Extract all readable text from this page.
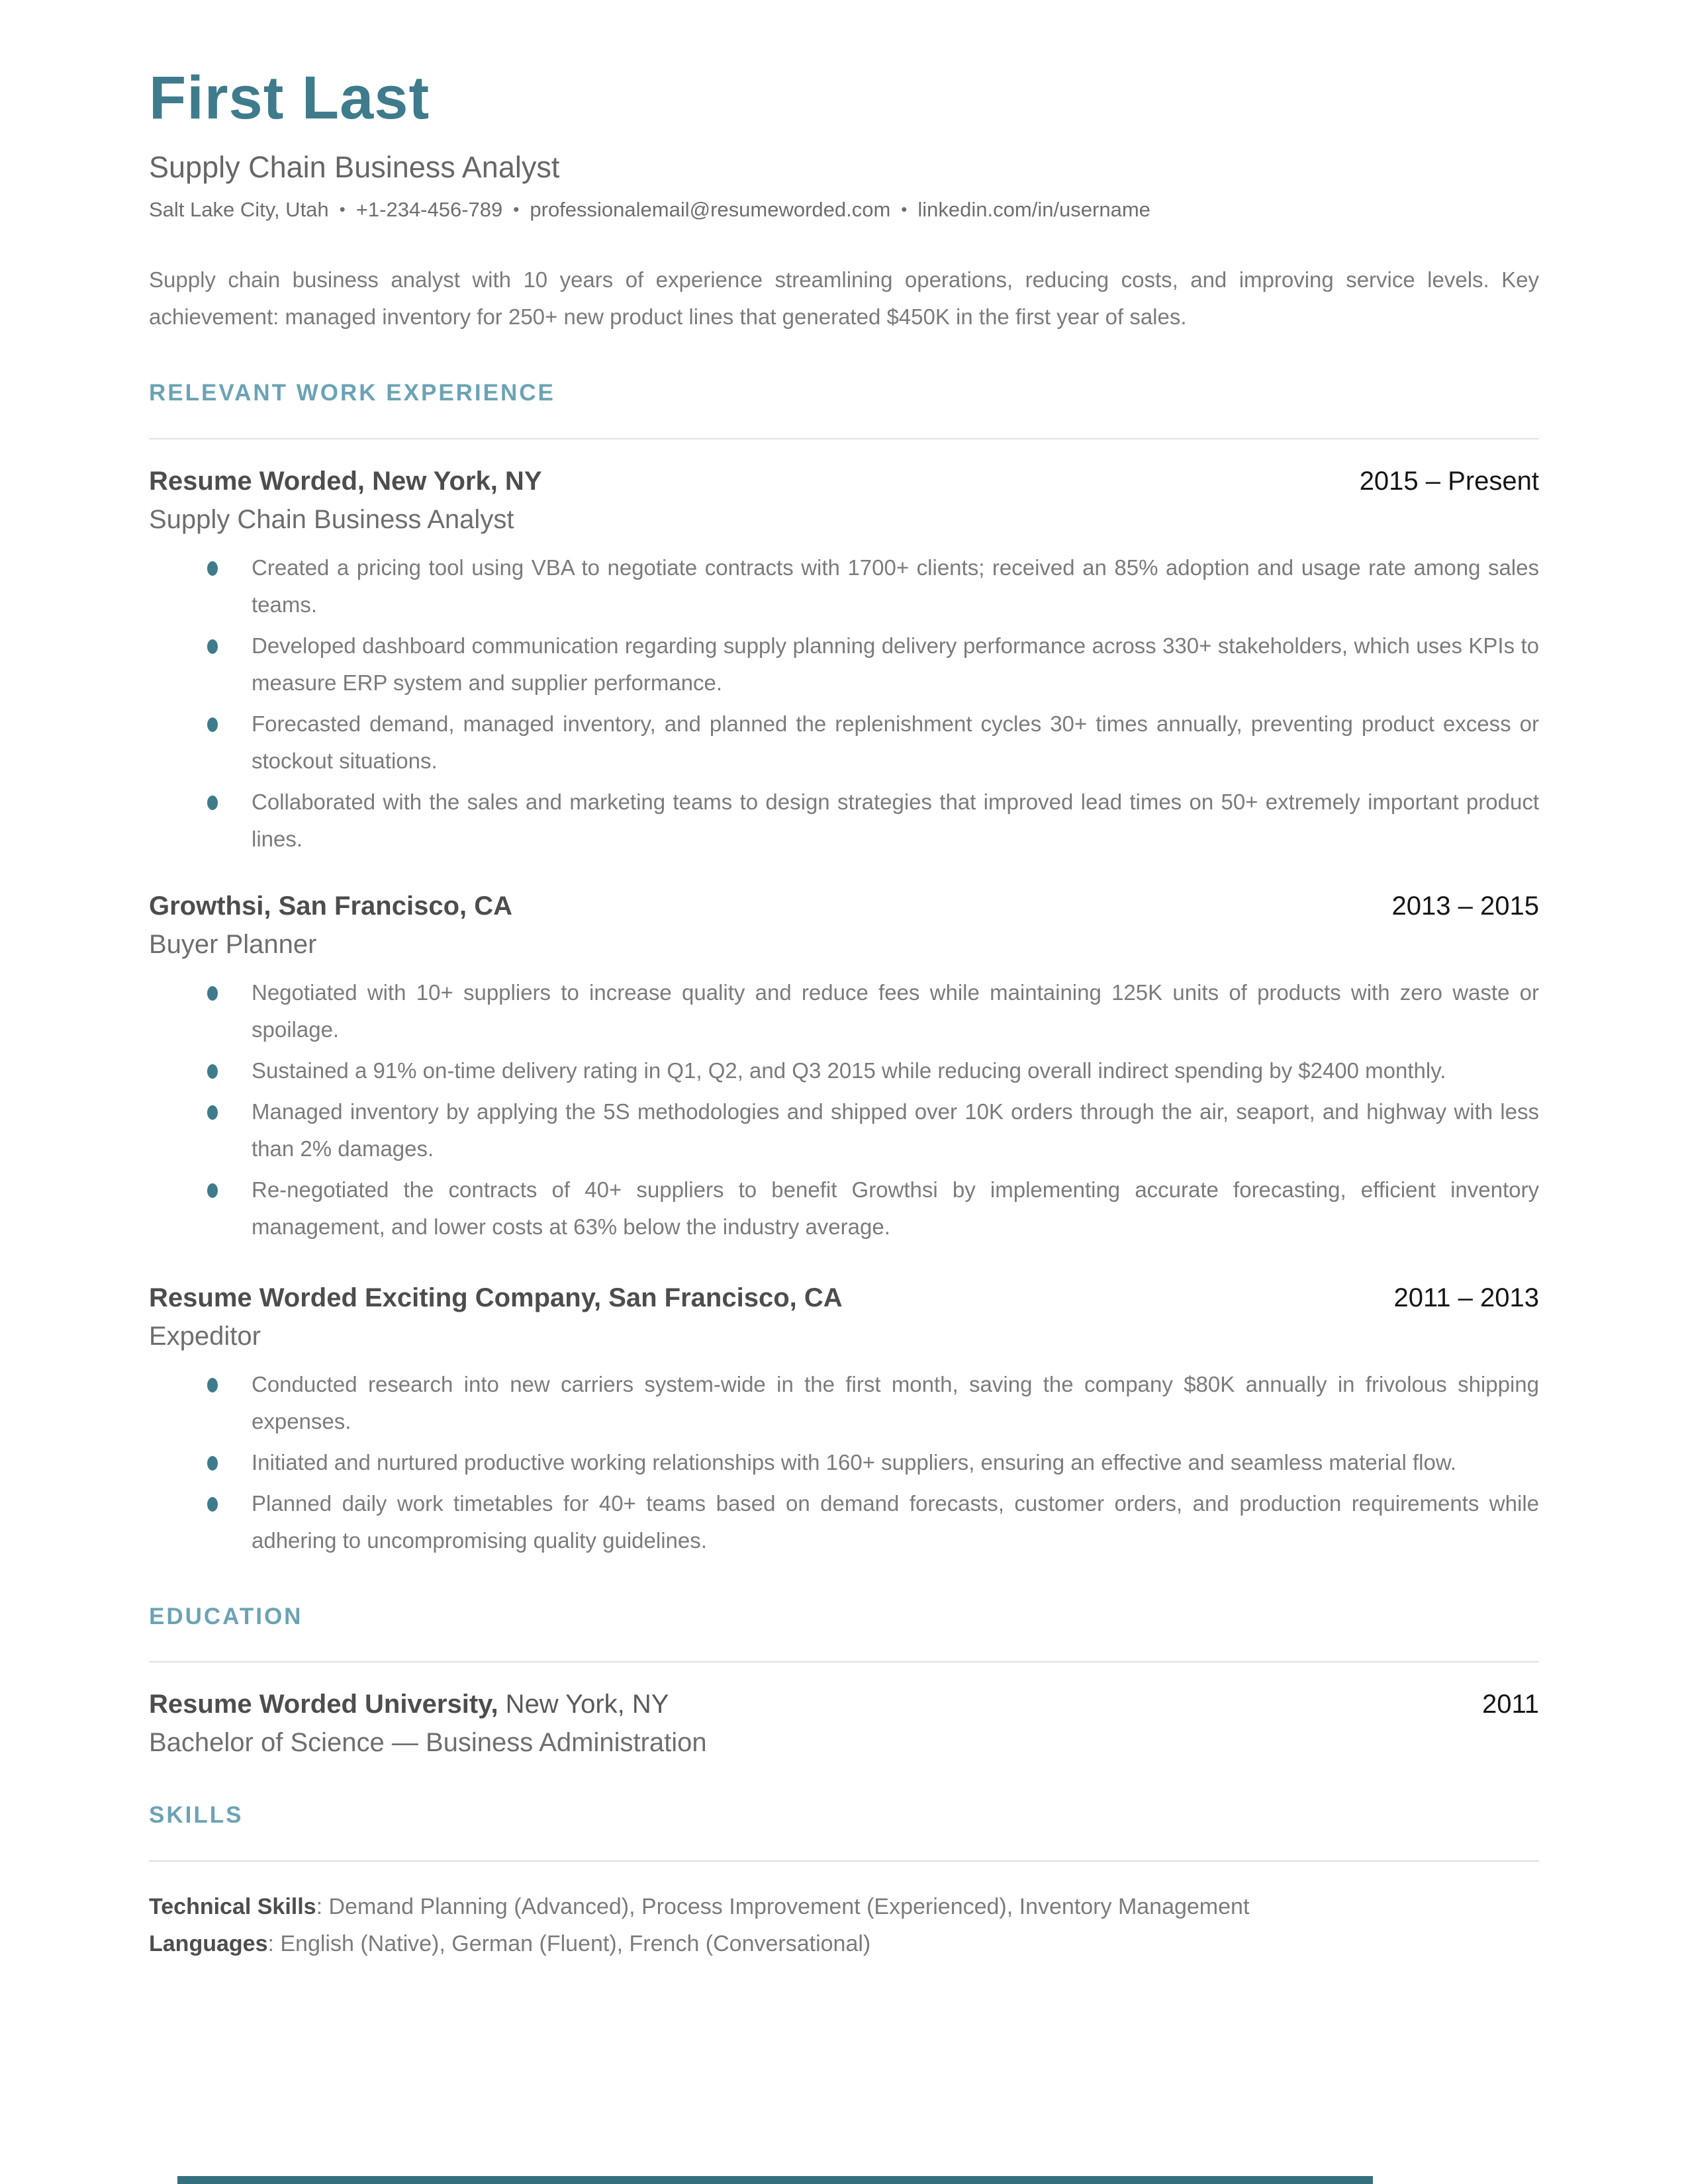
First Last
Supply Chain Business Analyst
Salt Lake City, Utah • +1-234-456-789 • professionalemail@resumeworded.com • linkedin.com/in/username
Supply chain business analyst with 10 years of experience streamlining operations, reducing costs, and improving service levels. Key achievement: managed inventory for 250+ new product lines that generated $450K in the first year of sales.
RELEVANT WORK EXPERIENCE
Resume Worded, New York, NY	2015 – Present
Supply Chain Business Analyst
Created a pricing tool using VBA to negotiate contracts with 1700+ clients; received an 85% adoption and usage rate among sales teams.
Developed dashboard communication regarding supply planning delivery performance across 330+ stakeholders, which uses KPIs to measure ERP system and supplier performance.
Forecasted demand, managed inventory, and planned the replenishment cycles 30+ times annually, preventing product excess or stockout situations.
Collaborated with the sales and marketing teams to design strategies that improved lead times on 50+ extremely important product lines.
Growthsi, San Francisco, CA	2013 – 2015
Buyer Planner
Negotiated with 10+ suppliers to increase quality and reduce fees while maintaining 125K units of products with zero waste or spoilage.
Sustained a 91% on-time delivery rating in Q1, Q2, and Q3 2015 while reducing overall indirect spending by $2400 monthly.
Managed inventory by applying the 5S methodologies and shipped over 10K orders through the air, seaport, and highway with less than 2% damages.
Re-negotiated the contracts of 40+ suppliers to benefit Growthsi by implementing accurate forecasting, efficient inventory management, and lower costs at 63% below the industry average.
Resume Worded Exciting Company, San Francisco, CA	2011 – 2013
Expeditor
Conducted research into new carriers system-wide in the first month, saving the company $80K annually in frivolous shipping expenses.
Initiated and nurtured productive working relationships with 160+ suppliers, ensuring an effective and seamless material flow.
Planned daily work timetables for 40+ teams based on demand forecasts, customer orders, and production requirements while adhering to uncompromising quality guidelines.
EDUCATION
Resume Worded University, New York, NY	2011
Bachelor of Science — Business Administration
SKILLS
Technical Skills: Demand Planning (Advanced), Process Improvement (Experienced), Inventory Management
Languages: English (Native), German (Fluent), French (Conversational)
